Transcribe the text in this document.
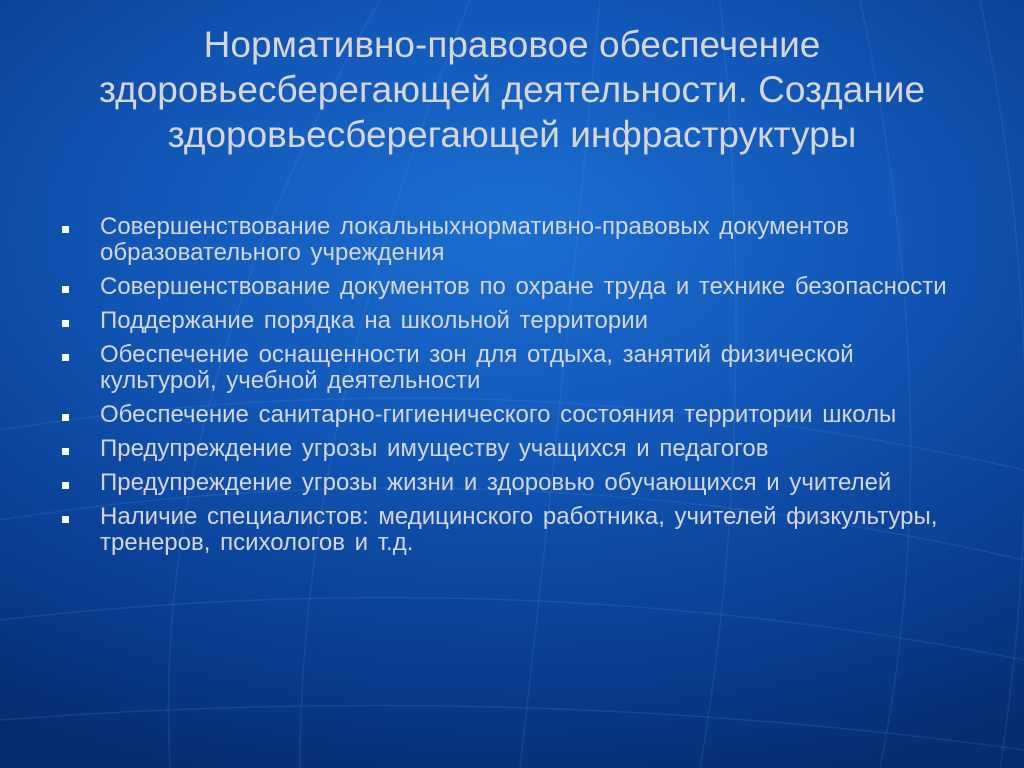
Нормативно-правовое обеспечение здоровьесберегающей деятельности. Создание здоровьесберегающей инфраструктуры
Совершенствование локальныхнормативно-правовых документов образовательного учреждения
Совершенствование документов по охране труда и технике безопасности
Поддержание порядка на школьной территории
Обеспечение оснащенности зон для отдыха, занятий физической культурой, учебной деятельности
Обеспечение санитарно-гигиенического состояния территории школы
Предупреждение угрозы имуществу учащихся и педагогов
Предупреждение угрозы жизни и здоровью обучающихся и учителей
Наличие специалистов: медицинского работника, учителей физкультуры, тренеров, психологов и т.д.
